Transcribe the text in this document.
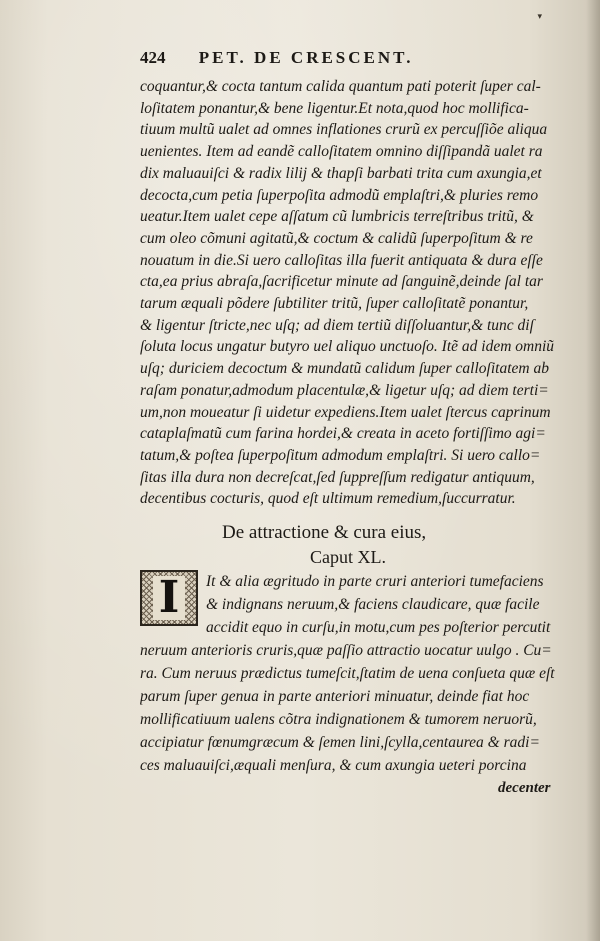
▾
424 PET. DE CRESCENT.
coquantur,& cocta tantum calida quantum pati poterit ſuper cal-
loſitatem ponantur,& bene ligentur.Et nota,quod hoc mollifica-
tiuum multũ ualet ad omnes inflationes crurũ ex percuſſiõe aliqua
uenientes. Item ad eandẽ calloſitatem omnino diſſipandã ualet ra
dix maluauiſci & radix lilij & thapſi barbati trita cum axungia,et
decocta,cum petia ſuperpoſita admodũ emplaſtri,& pluries remo
ueatur.Item ualet cepe aſſatum cũ lumbricis terreſtribus tritũ, &
cum oleo cõmuni agitatũ,& coctum & calidũ ſuperpoſitum & re
nouatum in die.Si uero calloſitas illa fuerit antiquata & dura eſſe
cta,ea prius abraſa,ſacrificetur minute ad ſanguinẽ,deinde ſal tar
tarum æquali põdere ſubtiliter tritũ, ſuper calloſitatẽ ponantur,
& ligentur ſtricte,nec uſq; ad diem tertiũ diſſoluantur,& tunc diſ
ſoluta locus ungatur butyro uel aliquo unctuoſo. Itẽ ad idem omniũ
uſq; duriciem decoctum & mundatũ calidum ſuper calloſitatem ab
raſam ponatur,admodum placentulæ,& ligetur uſq; ad diem terti=
um,non moueatur ſi uidetur expediens.Item ualet ſtercus caprinum
cataplaſmatũ cum farina hordei,& creata in aceto fortiſſimo agi=
tatum,& poſtea ſuperpoſitum admodum emplaſtri. Si uero callo=
ſitas illa dura non decreſcat,ſed ſuppreſſum redigatur antiquum,
decentibus cocturis, quod eſt ultimum remedium,ſuccurratur.
De attractione & cura eius,
Caput XL.
It & alia ægritudo in parte cruri anteriori tumefaciens
& indignans neruum,& faciens claudicare, quæ facile
accidit equo in curſu,in motu,cum pes poſterior percutit
neruum anterioris cruris,quæ paſſio attractio uocatur uulgo . Cu=
ra. Cum neruus prædictus tumeſcit,ſtatim de uena conſueta quæ eſt
parum ſuper genua in parte anteriori minuatur, deinde fiat hoc
mollificatiuum ualens cõtra indignationem & tumorem neruorũ,
accipiatur fœnumgræcum & ſemen lini,ſcylla,centaurea & radi=
ces maluauiſci,æquali menſura, & cum axungia ueteri porcina
I
decenter
